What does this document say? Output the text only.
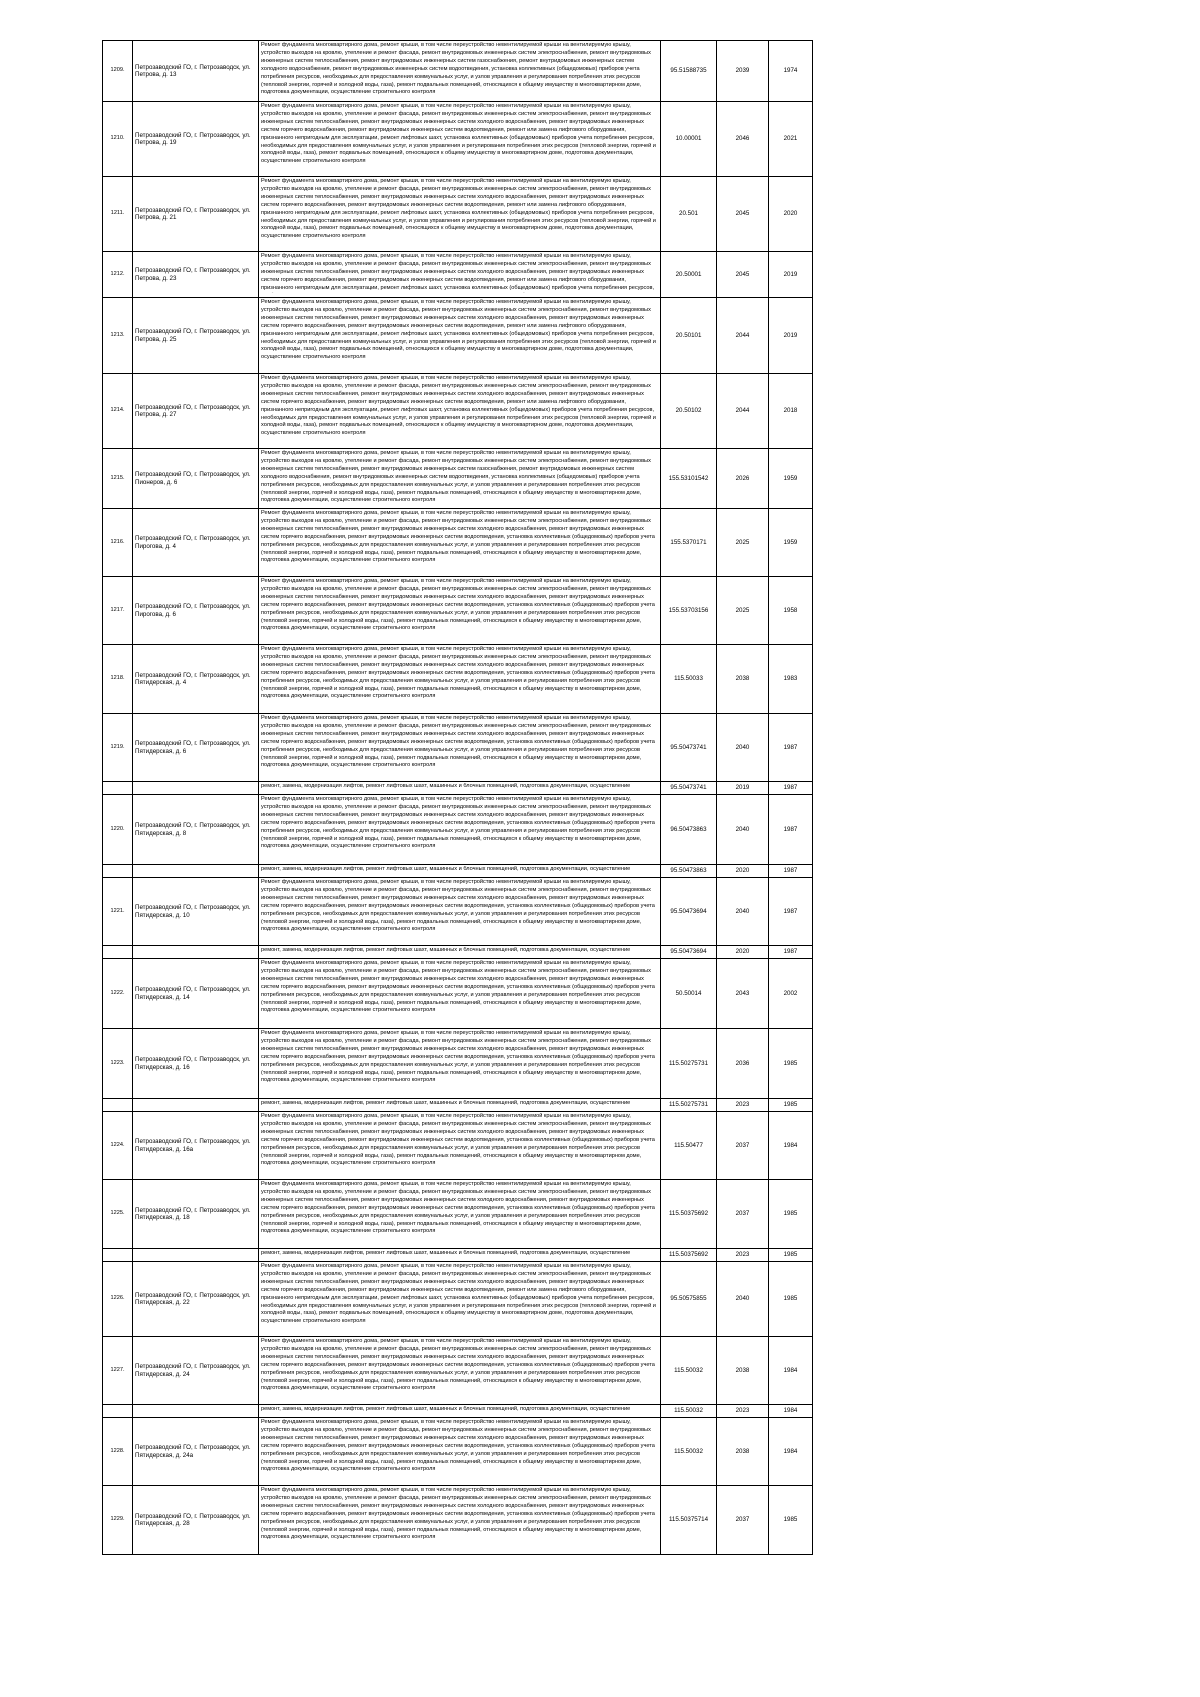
1209.	Петрозаводский ГО, г. Петрозаводск, ул. Петрова, д. 13	Ремонт фундамента многоквартирного дома, ремонт крыши, в том числе переустройство невентилируемой крыши на вентилируемую крышу, устройство выходов на кровлю, утепление и ремонт фасада, ремонт внутридомовых инженерных систем электроснабжения, ремонт внутридомовых инженерных систем теплоснабжения, ремонт внутридомовых инженерных систем газоснабжения, ремонт внутридомовых инженерных систем холодного водоснабжения, ремонт внутридомовых инженерных систем водоотведения, установка коллективных (общедомовых) приборов учета потребления ресурсов, необходимых для предоставления коммунальных услуг, и узлов управления и регулирования потребления этих ресурсов (тепловой энергии, горячей и холодной воды, газа), ремонт подвальных помещений, относящихся к общему имуществу в многоквартирном доме, подготовка документации, осуществление строительного контроля	95.51588735	2039	1974
1210.	Петрозаводский ГО, г. Петрозаводск, ул. Петрова, д. 19	Ремонт фундамента многоквартирного дома, ремонт крыши, в том числе переустройство невентилируемой крыши на вентилируемую крышу, устройство выходов на кровлю, утепление и ремонт фасада, ремонт внутридомовых инженерных систем электроснабжения, ремонт внутридомовых инженерных систем теплоснабжения, ремонт внутридомовых инженерных систем холодного водоснабжения, ремонт внутридомовых инженерных систем горячего водоснабжения, ремонт внутридомовых инженерных систем водоотведения, ремонт или замена лифтового оборудования, признанного непригодным для эксплуатации, ремонт лифтовых шахт, установка коллективных (общедомовых) приборов учета потребления ресурсов, необходимых для предоставления коммунальных услуг, и узлов управления и регулирования потребления этих ресурсов (тепловой энергии, горячей и холодной воды, газа), ремонт подвальных помещений, относящихся к общему имуществу в многоквартирном доме, подготовка документации, осуществление строительного контроля	10.00001	2046	2021
1211.	Петрозаводский ГО, г. Петрозаводск, ул. Петрова, д. 21	Ремонт фундамента многоквартирного дома, ремонт крыши, в том числе переустройство невентилируемой крыши на вентилируемую крышу, устройство выходов на кровлю, утепление и ремонт фасада, ремонт внутридомовых инженерных систем электроснабжения, ремонт внутридомовых инженерных систем теплоснабжения, ремонт внутридомовых инженерных систем холодного водоснабжения, ремонт внутридомовых инженерных систем горячего водоснабжения, ремонт внутридомовых инженерных систем водоотведения, ремонт или замена лифтового оборудования, признанного непригодным для эксплуатации, ремонт лифтовых шахт, установка коллективных (общедомовых) приборов учета потребления ресурсов, необходимых для предоставления коммунальных услуг, и узлов управления и регулирования потребления этих ресурсов (тепловой энергии, горячей и холодной воды, газа), ремонт подвальных помещений, относящихся к общему имуществу в многоквартирном доме, подготовка документации, осуществление строительного контроля	20.501	2045	2020
1212.	Петрозаводский ГО, г. Петрозаводск, ул. Петрова, д. 23	Ремонт фундамента многоквартирного дома, ремонт крыши, в том числе переустройство невентилируемой крыши на вентилируемую крышу, устройство выходов на кровлю, утепление и ремонт фасада, ремонт внутридомовых инженерных систем электроснабжения, ремонт внутридомовых инженерных систем теплоснабжения, ремонт внутридомовых инженерных систем холодного водоснабжения, ремонт внутридомовых инженерных систем горячего водоснабжения, ремонт внутридомовых инженерных систем водоотведения, ремонт или замена лифтового оборудования, признанного непригодным для эксплуатации, ремонт лифтовых шахт, установка коллективных (общедомовых) приборов учета потребления ресурсов,	20.50001	2045	2019
1213.	Петрозаводский ГО, г. Петрозаводск, ул. Петрова, д. 25	Ремонт фундамента многоквартирного дома, ремонт крыши, в том числе переустройство невентилируемой крыши на вентилируемую крышу, устройство выходов на кровлю, утепление и ремонт фасада, ремонт внутридомовых инженерных систем электроснабжения, ремонт внутридомовых инженерных систем теплоснабжения, ремонт внутридомовых инженерных систем холодного водоснабжения, ремонт внутридомовых инженерных систем горячего водоснабжения, ремонт внутридомовых инженерных систем водоотведения, ремонт или замена лифтового оборудования, признанного непригодным для эксплуатации, ремонт лифтовых шахт, установка коллективных (общедомовых) приборов учета потребления ресурсов, необходимых для предоставления коммунальных услуг, и узлов управления и регулирования потребления этих ресурсов (тепловой энергии, горячей и холодной воды, газа), ремонт подвальных помещений, относящихся к общему имуществу в многоквартирном доме, подготовка документации, осуществление строительного контроля	20.50101	2044	2019
1214.	Петрозаводский ГО, г. Петрозаводск, ул. Петрова, д. 27	Ремонт фундамента многоквартирного дома, ремонт крыши, в том числе переустройство невентилируемой крыши на вентилируемую крышу, устройство выходов на кровлю, утепление и ремонт фасада, ремонт внутридомовых инженерных систем электроснабжения, ремонт внутридомовых инженерных систем теплоснабжения, ремонт внутридомовых инженерных систем холодного водоснабжения, ремонт внутридомовых инженерных систем горячего водоснабжения, ремонт внутридомовых инженерных систем водоотведения, ремонт или замена лифтового оборудования, признанного непригодным для эксплуатации, ремонт лифтовых шахт, установка коллективных (общедомовых) приборов учета потребления ресурсов, необходимых для предоставления коммунальных услуг, и узлов управления и регулирования потребления этих ресурсов (тепловой энергии, горячей и холодной воды, газа), ремонт подвальных помещений, относящихся к общему имуществу в многоквартирном доме, подготовка документации, осуществление строительного контроля	20.50102	2044	2018
1215.	Петрозаводский ГО, г. Петрозаводск, ул. Пионеров, д. 6	Ремонт фундамента многоквартирного дома, ремонт крыши, в том числе переустройство невентилируемой крыши на вентилируемую крышу, устройство выходов на кровлю, утепление и ремонт фасада, ремонт внутридомовых инженерных систем электроснабжения, ремонт внутридомовых инженерных систем теплоснабжения, ремонт внутридомовых инженерных систем газоснабжения, ремонт внутридомовых инженерных систем холодного водоснабжения, ремонт внутридомовых инженерных систем водоотведения, установка коллективных (общедомовых) приборов учета потребления ресурсов, необходимых для предоставления коммунальных услуг, и узлов управления и регулирования потребления этих ресурсов (тепловой энергии, горячей и холодной воды, газа), ремонт подвальных помещений, относящихся к общему имуществу в многоквартирном доме, подготовка документации, осуществление строительного контроля	155.53101542	2026	1959
1216.	Петрозаводский ГО, г. Петрозаводск, ул. Пирогова, д. 4	Ремонт фундамента многоквартирного дома, ремонт крыши, в том числе переустройство невентилируемой крыши на вентилируемую крышу, устройство выходов на кровлю, утепление и ремонт фасада, ремонт внутридомовых инженерных систем электроснабжения, ремонт внутридомовых инженерных систем теплоснабжения, ремонт внутридомовых инженерных систем холодного водоснабжения, ремонт внутридомовых инженерных систем горячего водоснабжения, ремонт внутридомовых инженерных систем водоотведения, установка коллективных (общедомовых) приборов учета потребления ресурсов, необходимых для предоставления коммунальных услуг, и узлов управления и регулирования потребления этих ресурсов (тепловой энергии, горячей и холодной воды, газа), ремонт подвальных помещений, относящихся к общему имуществу в многоквартирном доме, подготовка документации, осуществление строительного контроля	155.5370171	2025	1959
1217.	Петрозаводский ГО, г. Петрозаводск, ул. Пирогова, д. 6	Ремонт фундамента многоквартирного дома, ремонт крыши, в том числе переустройство невентилируемой крыши на вентилируемую крышу, устройство выходов на кровлю, утепление и ремонт фасада, ремонт внутридомовых инженерных систем электроснабжения, ремонт внутридомовых инженерных систем теплоснабжения, ремонт внутридомовых инженерных систем холодного водоснабжения, ремонт внутридомовых инженерных систем горячего водоснабжения, ремонт внутридомовых инженерных систем водоотведения, установка коллективных (общедомовых) приборов учета потребления ресурсов, необходимых для предоставления коммунальных услуг, и узлов управления и регулирования потребления этих ресурсов (тепловой энергии, горячей и холодной воды, газа), ремонт подвальных помещений, относящихся к общему имуществу в многоквартирном доме, подготовка документации, осуществление строительного контроля	155.53703156	2025	1958
1218.	Петрозаводский ГО, г. Петрозаводск, ул. Пятидерская, д. 4	Ремонт фундамента многоквартирного дома, ремонт крыши, в том числе переустройство невентилируемой крыши на вентилируемую крышу, устройство выходов на кровлю, утепление и ремонт фасада, ремонт внутридомовых инженерных систем электроснабжения, ремонт внутридомовых инженерных систем теплоснабжения, ремонт внутридомовых инженерных систем холодного водоснабжения, ремонт внутридомовых инженерных систем горячего водоснабжения, ремонт внутридомовых инженерных систем водоотведения, установка коллективных (общедомовых) приборов учета потребления ресурсов, необходимых для предоставления коммунальных услуг, и узлов управления и регулирования потребления этих ресурсов (тепловой энергии, горячей и холодной воды, газа), ремонт подвальных помещений, относящихся к общему имуществу в многоквартирном доме, подготовка документации, осуществление строительного контроля	115.50033	2038	1983
1219.	Петрозаводский ГО, г. Петрозаводск, ул. Пятидерская, д. 6	Ремонт фундамента многоквартирного дома, ремонт крыши, в том числе переустройство невентилируемой крыши на вентилируемую крышу, устройство выходов на кровлю, утепление и ремонт фасада, ремонт внутридомовых инженерных систем электроснабжения, ремонт внутридомовых инженерных систем теплоснабжения, ремонт внутридомовых инженерных систем холодного водоснабжения, ремонт внутридомовых инженерных систем горячего водоснабжения, ремонт внутридомовых инженерных систем водоотведения, установка коллективных (общедомовых) приборов учета потребления ресурсов, необходимых для предоставления коммунальных услуг, и узлов управления и регулирования потребления этих ресурсов (тепловой энергии, горячей и холодной воды, газа), ремонт подвальных помещений, относящихся к общему имуществу в многоквартирном доме, подготовка документации, осуществление строительного контроля	95.50473741	2040	1987

		ремонт, замена, модернизация лифтов, ремонт лифтовых шахт, машинных и блочных помещений, подготовка документации, осуществление	95.50473741	2019	1987
1220.	Петрозаводский ГО, г. Петрозаводск, ул. Пятидерская, д. 8	Ремонт фундамента многоквартирного дома, ремонт крыши, в том числе переустройство невентилируемой крыши на вентилируемую крышу, устройство выходов на кровлю, утепление и ремонт фасада, ремонт внутридомовых инженерных систем электроснабжения, ремонт внутридомовых инженерных систем теплоснабжения, ремонт внутридомовых инженерных систем холодного водоснабжения, ремонт внутридомовых инженерных систем горячего водоснабжения, ремонт внутридомовых инженерных систем водоотведения, установка коллективных (общедомовых) приборов учета потребления ресурсов, необходимых для предоставления коммунальных услуг, и узлов управления и регулирования потребления этих ресурсов (тепловой энергии, горячей и холодной воды, газа), ремонт подвальных помещений, относящихся к общему имуществу в многоквартирном доме, подготовка документации, осуществление строительного контроля	96.50473863	2040	1987

		ремонт, замена, модернизация лифтов, ремонт лифтовых шахт, машинных и блочных помещений, подготовка документации, осуществление	95.50473863	2020	1987
1221.	Петрозаводский ГО, г. Петрозаводск, ул. Пятидерская, д. 10	Ремонт фундамента многоквартирного дома, ремонт крыши, в том числе переустройство невентилируемой крыши на вентилируемую крышу, устройство выходов на кровлю, утепление и ремонт фасада, ремонт внутридомовых инженерных систем электроснабжения, ремонт внутридомовых инженерных систем теплоснабжения, ремонт внутридомовых инженерных систем холодного водоснабжения, ремонт внутридомовых инженерных систем горячего водоснабжения, ремонт внутридомовых инженерных систем водоотведения, установка коллективных (общедомовых) приборов учета потребления ресурсов, необходимых для предоставления коммунальных услуг, и узлов управления и регулирования потребления этих ресурсов (тепловой энергии, горячей и холодной воды, газа), ремонт подвальных помещений, относящихся к общему имуществу в многоквартирном доме, подготовка документации, осуществление строительного контроля	95.50473694	2040	1987

		ремонт, замена, модернизация лифтов, ремонт лифтовых шахт, машинных и блочных помещений, подготовка документации, осуществление	95.50473694	2020	1987
1222.	Петрозаводский ГО, г. Петрозаводск, ул. Пятидерская, д. 14	Ремонт фундамента многоквартирного дома, ремонт крыши, в том числе переустройство невентилируемой крыши на вентилируемую крышу, устройство выходов на кровлю, утепление и ремонт фасада, ремонт внутридомовых инженерных систем электроснабжения, ремонт внутридомовых инженерных систем теплоснабжения, ремонт внутридомовых инженерных систем холодного водоснабжения, ремонт внутридомовых инженерных систем горячего водоснабжения, ремонт внутридомовых инженерных систем водоотведения, установка коллективных (общедомовых) приборов учета потребления ресурсов, необходимых для предоставления коммунальных услуг, и узлов управления и регулирования потребления этих ресурсов (тепловой энергии, горячей и холодной воды, газа), ремонт подвальных помещений, относящихся к общему имуществу в многоквартирном доме, подготовка документации, осуществление строительного контроля	50.50014	2043	2002
1223.	Петрозаводский ГО, г. Петрозаводск, ул. Пятидерская, д. 16	Ремонт фундамента многоквартирного дома, ремонт крыши, в том числе переустройство невентилируемой крыши на вентилируемую крышу, устройство выходов на кровлю, утепление и ремонт фасада, ремонт внутридомовых инженерных систем электроснабжения, ремонт внутридомовых инженерных систем теплоснабжения, ремонт внутридомовых инженерных систем холодного водоснабжения, ремонт внутридомовых инженерных систем горячего водоснабжения, ремонт внутридомовых инженерных систем водоотведения, установка коллективных (общедомовых) приборов учета потребления ресурсов, необходимых для предоставления коммунальных услуг, и узлов управления и регулирования потребления этих ресурсов (тепловой энергии, горячей и холодной воды, газа), ремонт подвальных помещений, относящихся к общему имуществу в многоквартирном доме, подготовка документации, осуществление строительного контроля	115.50275731	2036	1985

		ремонт, замена, модернизация лифтов, ремонт лифтовых шахт, машинных и блочных помещений, подготовка документации, осуществление	115.50275731	2023	1985
1224.	Петрозаводский ГО, г. Петрозаводск, ул. Пятидерская, д. 16а	Ремонт фундамента многоквартирного дома, ремонт крыши, в том числе переустройство невентилируемой крыши на вентилируемую крышу, устройство выходов на кровлю, утепление и ремонт фасада, ремонт внутридомовых инженерных систем электроснабжения, ремонт внутридомовых инженерных систем теплоснабжения, ремонт внутридомовых инженерных систем холодного водоснабжения, ремонт внутридомовых инженерных систем горячего водоснабжения, ремонт внутридомовых инженерных систем водоотведения, установка коллективных (общедомовых) приборов учета потребления ресурсов, необходимых для предоставления коммунальных услуг, и узлов управления и регулирования потребления этих ресурсов (тепловой энергии, горячей и холодной воды, газа), ремонт подвальных помещений, относящихся к общему имуществу в многоквартирном доме, подготовка документации, осуществление строительного контроля	115.50477	2037	1984
1225.	Петрозаводский ГО, г. Петрозаводск, ул. Пятидерская, д. 18	Ремонт фундамента многоквартирного дома, ремонт крыши, в том числе переустройство невентилируемой крыши на вентилируемую крышу, устройство выходов на кровлю, утепление и ремонт фасада, ремонт внутридомовых инженерных систем электроснабжения, ремонт внутридомовых инженерных систем теплоснабжения, ремонт внутридомовых инженерных систем холодного водоснабжения, ремонт внутридомовых инженерных систем горячего водоснабжения, ремонт внутридомовых инженерных систем водоотведения, установка коллективных (общедомовых) приборов учета потребления ресурсов, необходимых для предоставления коммунальных услуг, и узлов управления и регулирования потребления этих ресурсов (тепловой энергии, горячей и холодной воды, газа), ремонт подвальных помещений, относящихся к общему имуществу в многоквартирном доме, подготовка документации, осуществление строительного контроля	115.50375692	2037	1985

		ремонт, замена, модернизация лифтов, ремонт лифтовых шахт, машинных и блочных помещений, подготовка документации, осуществление	115.50375692	2023	1985
1226.	Петрозаводский ГО, г. Петрозаводск, ул. Пятидерская, д. 22	Ремонт фундамента многоквартирного дома, ремонт крыши, в том числе переустройство невентилируемой крыши на вентилируемую крышу, устройство выходов на кровлю, утепление и ремонт фасада, ремонт внутридомовых инженерных систем электроснабжения, ремонт внутридомовых инженерных систем теплоснабжения, ремонт внутридомовых инженерных систем холодного водоснабжения, ремонт внутридомовых инженерных систем горячего водоснабжения, ремонт внутридомовых инженерных систем водоотведения, ремонт или замена лифтового оборудования, признанного непригодным для эксплуатации, ремонт лифтовых шахт, установка коллективных (общедомовых) приборов учета потребления ресурсов, необходимых для предоставления коммунальных услуг, и узлов управления и регулирования потребления этих ресурсов (тепловой энергии, горячей и холодной воды, газа), ремонт подвальных помещений, относящихся к общему имуществу в многоквартирном доме, подготовка документации, осуществление строительного контроля	95.50575855	2040	1985
1227.	Петрозаводский ГО, г. Петрозаводск, ул. Пятидерская, д. 24	Ремонт фундамента многоквартирного дома, ремонт крыши, в том числе переустройство невентилируемой крыши на вентилируемую крышу, устройство выходов на кровлю, утепление и ремонт фасада, ремонт внутридомовых инженерных систем электроснабжения, ремонт внутридомовых инженерных систем теплоснабжения, ремонт внутридомовых инженерных систем холодного водоснабжения, ремонт внутридомовых инженерных систем горячего водоснабжения, ремонт внутридомовых инженерных систем водоотведения, установка коллективных (общедомовых) приборов учета потребления ресурсов, необходимых для предоставления коммунальных услуг, и узлов управления и регулирования потребления этих ресурсов (тепловой энергии, горячей и холодной воды, газа), ремонт подвальных помещений, относящихся к общему имуществу в многоквартирном доме, подготовка документации, осуществление строительного контроля	115.50032	2038	1984

		ремонт, замена, модернизация лифтов, ремонт лифтовых шахт, машинных и блочных помещений, подготовка документации, осуществление	115.50032	2023	1984
1228.	Петрозаводский ГО, г. Петрозаводск, ул. Пятидерская, д. 24а	Ремонт фундамента многоквартирного дома, ремонт крыши, в том числе переустройство невентилируемой крыши на вентилируемую крышу, устройство выходов на кровлю, утепление и ремонт фасада, ремонт внутридомовых инженерных систем электроснабжения, ремонт внутридомовых инженерных систем теплоснабжения, ремонт внутридомовых инженерных систем холодного водоснабжения, ремонт внутридомовых инженерных систем горячего водоснабжения, ремонт внутридомовых инженерных систем водоотведения, установка коллективных (общедомовых) приборов учета потребления ресурсов, необходимых для предоставления коммунальных услуг, и узлов управления и регулирования потребления этих ресурсов (тепловой энергии, горячей и холодной воды, газа), ремонт подвальных помещений, относящихся к общему имуществу в многоквартирном доме, подготовка документации, осуществление строительного контроля	115.50032	2038	1984
1229.	Петрозаводский ГО, г. Петрозаводск, ул. Пятидерская, д. 28	Ремонт фундамента многоквартирного дома, ремонт крыши, в том числе переустройство невентилируемой крыши на вентилируемую крышу, устройство выходов на кровлю, утепление и ремонт фасада, ремонт внутридомовых инженерных систем электроснабжения, ремонт внутридомовых инженерных систем теплоснабжения, ремонт внутридомовых инженерных систем холодного водоснабжения, ремонт внутридомовых инженерных систем горячего водоснабжения, ремонт внутридомовых инженерных систем водоотведения, установка коллективных (общедомовых) приборов учета потребления ресурсов, необходимых для предоставления коммунальных услуг, и узлов управления и регулирования потребления этих ресурсов (тепловой энергии, горячей и холодной воды, газа), ремонт подвальных помещений, относящихся к общему имуществу в многоквартирном доме, подготовка документации, осуществление строительного контроля	115.50375714	2037	1985
